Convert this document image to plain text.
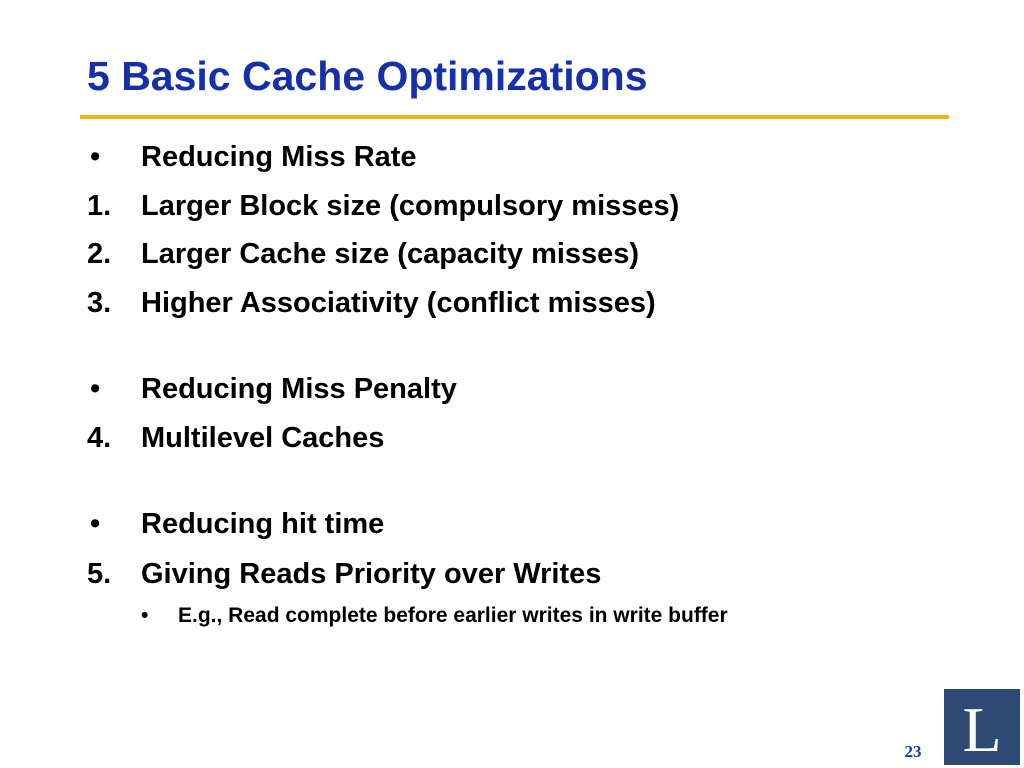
5 Basic Cache Optimizations
• Reducing Miss Rate
1. Larger Block size (compulsory misses)
2. Larger Cache size (capacity misses)
3. Higher Associativity (conflict misses)
• Reducing Miss Penalty
4. Multilevel Caches
• Reducing hit time
5. Giving Reads Priority over Writes
• E.g., Read complete before earlier writes in write buffer
23 L
